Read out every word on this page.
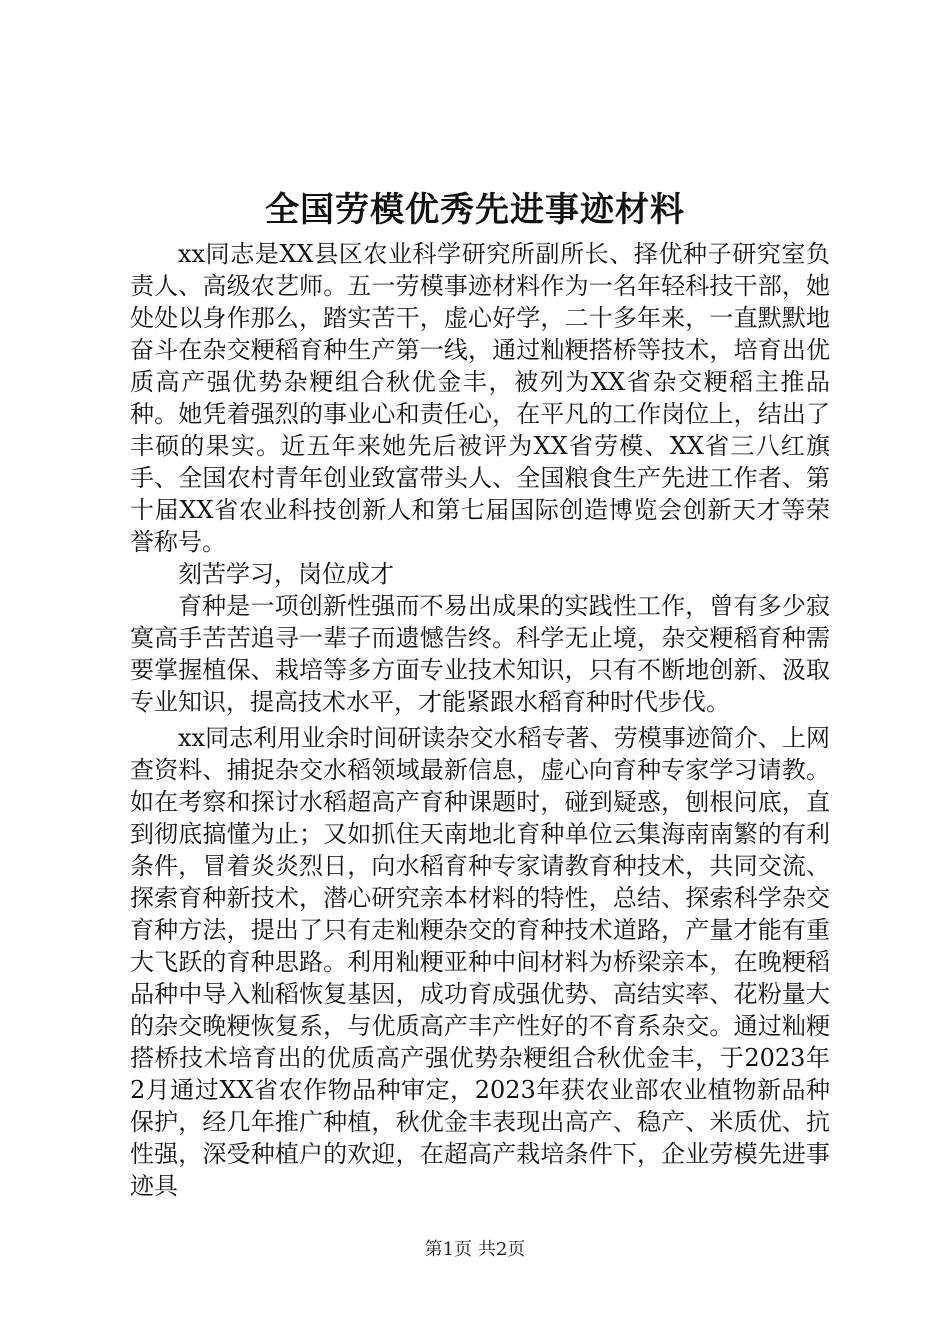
全国劳模优秀先进事迹材料

xx同志是XX县区农业科学研究所副所长、择优种子研究室负责人、高级农艺师。五一劳模事迹材料作为一名年轻科技干部，她处处以身作那么，踏实苦干，虚心好学，二十多年来，一直默默地奋斗在杂交粳稻育种生产第一线，通过籼粳搭桥等技术，培育出优质高产强优势杂粳组合秋优金丰，被列为XX省杂交粳稻主推品种。她凭着强烈的事业心和责任心，在平凡的工作岗位上，结出了丰硕的果实。近五年来她先后被评为XX省劳模、XX省三八红旗手、全国农村青年创业致富带头人、全国粮食生产先进工作者、第十届XX省农业科技创新人和第七届国际创造博览会创新天才等荣誉称号。

刻苦学习，岗位成才

育种是一项创新性强而不易出成果的实践性工作，曾有多少寂寞高手苦苦追寻一辈子而遗憾告终。科学无止境，杂交粳稻育种需要掌握植保、栽培等多方面专业技术知识，只有不断地创新、汲取专业知识，提高技术水平，才能紧跟水稻育种时代步伐。

xx同志利用业余时间研读杂交水稻专著、劳模事迹简介、上网查资料、捕捉杂交水稻领域最新信息，虚心向育种专家学习请教。如在考察和探讨水稻超高产育种课题时，碰到疑惑，刨根问底，直到彻底搞懂为止；又如抓住天南地北育种单位云集海南南繁的有利条件，冒着炎炎烈日，向水稻育种专家请教育种技术，共同交流、探索育种新技术，潜心研究亲本材料的特性，总结、探索科学杂交育种方法，提出了只有走籼粳杂交的育种技术道路，产量才能有重大飞跃的育种思路。利用籼粳亚种中间材料为桥梁亲本，在晚粳稻品种中导入籼稻恢复基因，成功育成强优势、高结实率、花粉量大的杂交晚粳恢复系，与优质高产丰产性好的不育系杂交。通过籼粳搭桥技术培育出的优质高产强优势杂粳组合秋优金丰，于2023年2月通过XX省农作物品种审定，2023年获农业部农业植物新品种保护，经几年推广种植，秋优金丰表现出高产、稳产、米质优、抗性强，深受种植户的欢迎，在超高产栽培条件下，企业劳模先进事迹具

第1页 共2页
